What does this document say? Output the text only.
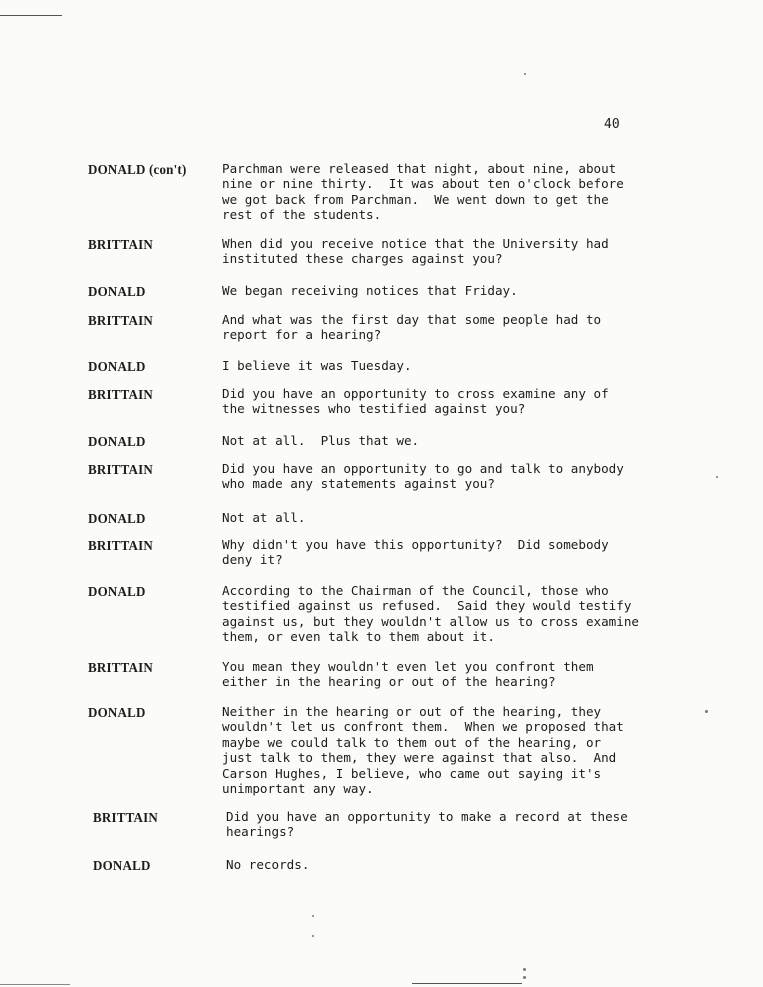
40
DONALD (con't)	Parchman were released that night, about nine, about
nine or nine thirty.  It was about ten o'clock before
we got back from Parchman.  We went down to get the
rest of the students.
BRITTAIN	When did you receive notice that the University had
instituted these charges against you?
DONALD	We began receiving notices that Friday.
BRITTAIN	And what was the first day that some people had to
report for a hearing?
DONALD	I believe it was Tuesday.
BRITTAIN	Did you have an opportunity to cross examine any of
the witnesses who testified against you?
DONALD	Not at all.  Plus that we.
BRITTAIN	Did you have an opportunity to go and talk to anybody
who made any statements against you?
DONALD	Not at all.
BRITTAIN	Why didn't you have this opportunity?  Did somebody
deny it?
DONALD	According to the Chairman of the Council, those who
testified against us refused.  Said they would testify
against us, but they wouldn't allow us to cross examine
them, or even talk to them about it.
BRITTAIN	You mean they wouldn't even let you confront them
either in the hearing or out of the hearing?
DONALD	Neither in the hearing or out of the hearing, they
wouldn't let us confront them.  When we proposed that
maybe we could talk to them out of the hearing, or
just talk to them, they were against that also.  And
Carson Hughes, I believe, who came out saying it's
unimportant any way.
BRITTAIN	Did you have an opportunity to make a record at these
hearings?
DONALD	No records.
